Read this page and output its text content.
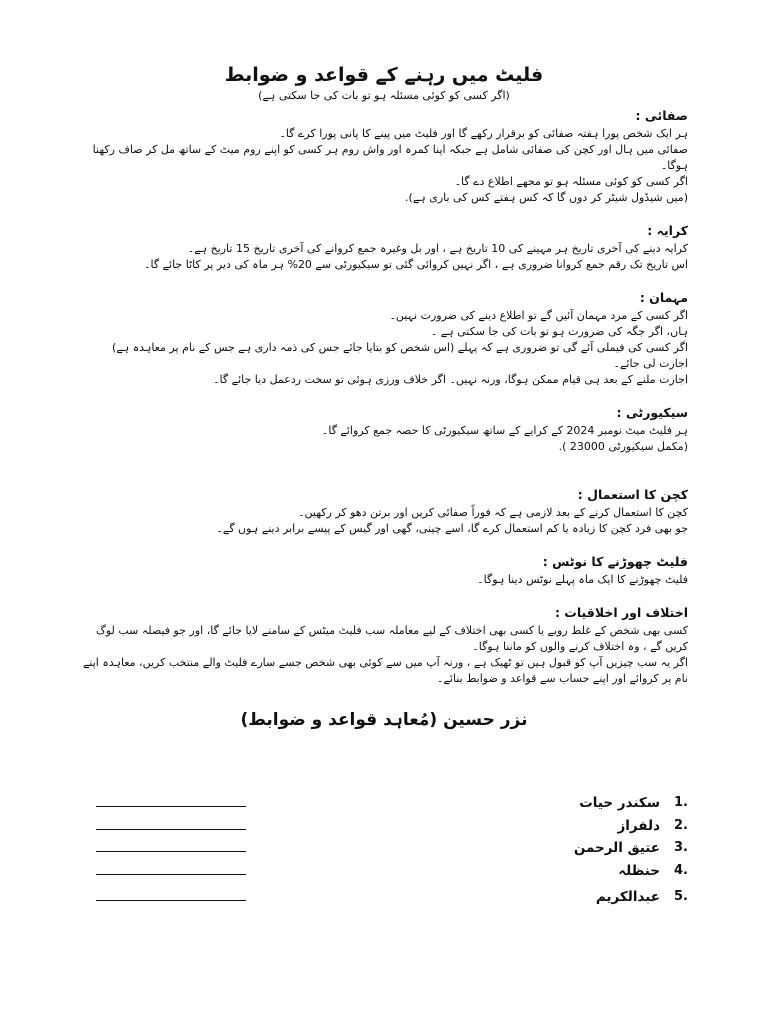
فلیٹ میں رہنے کے قواعد و ضوابط

(اگر کسی کو کوئی مسئلہ ہو تو بات کی جا سکتی ہے)

صفائی :

ہر ایک شخص پورا ہفتہ صفائی کو برقرار رکھے گا اور فلیٹ میں پینے کا پانی پورا کرے گا۔

صفائی میں ہال اور کچن کی صفائی شامل ہے جبکہ اپنا کمرہ اور واش روم ہر کسی کو اپنے روم میٹ کے ساتھ مل کر صاف رکھنا ہوگا۔

اگر کسی کو کوئی مسئلہ ہو تو مجھے اطلاع دے گا۔

(میں شیڈول شیٹر کر دوں گا کہ کس ہفتے کس کی باری ہے).

کرایہ :

کرایہ دینے کی آخری تاریخ ہر مہینے کی 10 تاریخ ہے ، اور بل وغیرہ جمع کروانے کی آخری تاریخ 15 تاریخ ہے۔

اس تاریخ تک رقم جمع کروانا ضروری ہے ، اگر نہیں کروائی گئی تو سیکیورٹی سے 20% ہر ماہ کی دیر پر کاٹا جائے گا۔

مہمان :

اگر کسی کے مرد مہمان آئیں گے تو اطلاع دینے کی ضرورت نہیں۔

ہاں، اگر جگہ کی ضرورت ہو تو بات کی جا سکتی ہے ۔

اگر کسی کی فیملی آئے گی تو ضروری ہے کہ پہلے (اس شخص کو بتایا جائے جس کی ذمہ داری ہے جس کے نام پر معاہدہ ہے) اجازت لی جائے۔

اجازت ملنے کے بعد ہی قیام ممکن ہوگا، ورنہ نہیں۔ اگر خلاف ورزی ہوئی تو سخت ردعمل دیا جائے گا۔

سیکیورٹی :

ہر فلیٹ میٹ نومبر 2024 کے کرایے کے ساتھ سیکیورٹی کا حصہ جمع کروائے گا۔

(مکمل سیکیورٹی 23000 ).

کچن کا استعمال :

کچن کا استعمال کرنے کے بعد لازمی ہے کہ فوراً صفائی کریں اور برتن دھو کر رکھیں۔

جو بھی فرد کچن کا زیادہ یا کم استعمال کرے گا، اسے چینی، گھی اور گیس کے پیسے برابر دینے ہوں گے۔

فلیٹ چھوڑنے کا نوٹس :

فلیٹ چھوڑنے کا ایک ماہ پہلے نوٹس دینا ہوگا۔

اختلاف اور اخلاقیات :

کسی بھی شخص کے غلط رویے یا کسی بھی اختلاف کے لیے معاملہ سب فلیٹ میٹس کے سامنے لایا جائے گا، اور جو فیصلہ سب لوگ کریں گے ، وہ اختلاف کرنے والوں کو ماننا ہوگا۔

اگر یہ سب چیزیں آپ کو قبول ہیں تو ٹھیک ہے ، ورنہ آپ میں سے کوئی بھی شخص جسے سارے فلیٹ والے منتخب کریں، معاہدہ اپنے نام پر کروائے اور اپنے حساب سے قواعد و ضوابط بنائے۔

نزر حسین (مُعاہد قواعد و ضوابط)

1.
سکندر حیات
2.
دلفراز
3.
عتیق الرحمن
4.
حنظلہ
5.
عبدالکریم
